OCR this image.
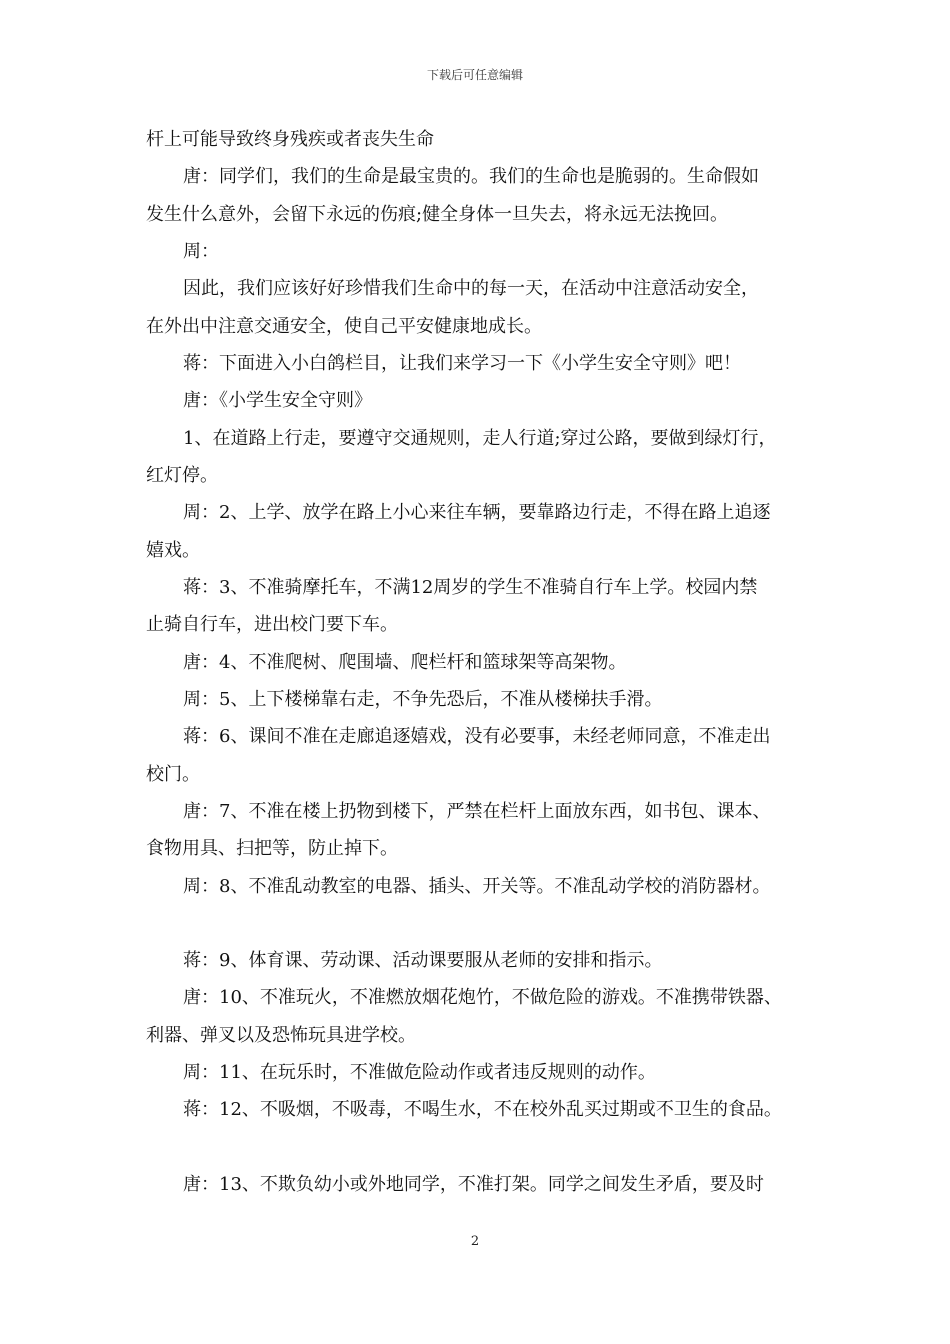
下载后可任意编辑
杆上可能导致终身残疾或者丧失生命
唐：同学们，我们的生命是最宝贵的。我们的生命也是脆弱的。生命假如
发生什么意外，会留下永远的伤痕;健全身体一旦失去，将永远无法挽回。
周：
因此，我们应该好好珍惜我们生命中的每一天，在活动中注意活动安全，
在外出中注意交通安全，使自己平安健康地成长。
蒋：下面进入小白鸽栏目，让我们来学习一下《小学生安全守则》吧！
唐：《小学生安全守则》
1、在道路上行走，要遵守交通规则，走人行道;穿过公路，要做到绿灯行，
红灯停。
周：2、上学、放学在路上小心来往车辆，要靠路边行走，不得在路上追逐
嬉戏。
蒋：3、不准骑摩托车，不满12周岁的学生不准骑自行车上学。校园内禁
止骑自行车，进出校门要下车。
唐：4、不准爬树、爬围墙、爬栏杆和篮球架等高架物。
周：5、上下楼梯靠右走，不争先恐后，不准从楼梯扶手滑。
蒋：6、课间不准在走廊追逐嬉戏，没有必要事，未经老师同意，不准走出
校门。
唐：7、不准在楼上扔物到楼下，严禁在栏杆上面放东西，如书包、课本、
食物用具、扫把等，防止掉下。
周：8、不准乱动教室的电器、插头、开关等。不准乱动学校的消防器材。
蒋：9、体育课、劳动课、活动课要服从老师的安排和指示。
唐：10、不准玩火，不准燃放烟花炮竹，不做危险的游戏。不准携带铁器、
利器、弹叉以及恐怖玩具进学校。
周：11、在玩乐时，不准做危险动作或者违反规则的动作。
蒋：12、不吸烟，不吸毒，不喝生水，不在校外乱买过期或不卫生的食品。
唐：13、不欺负幼小或外地同学，不准打架。同学之间发生矛盾，要及时
2
